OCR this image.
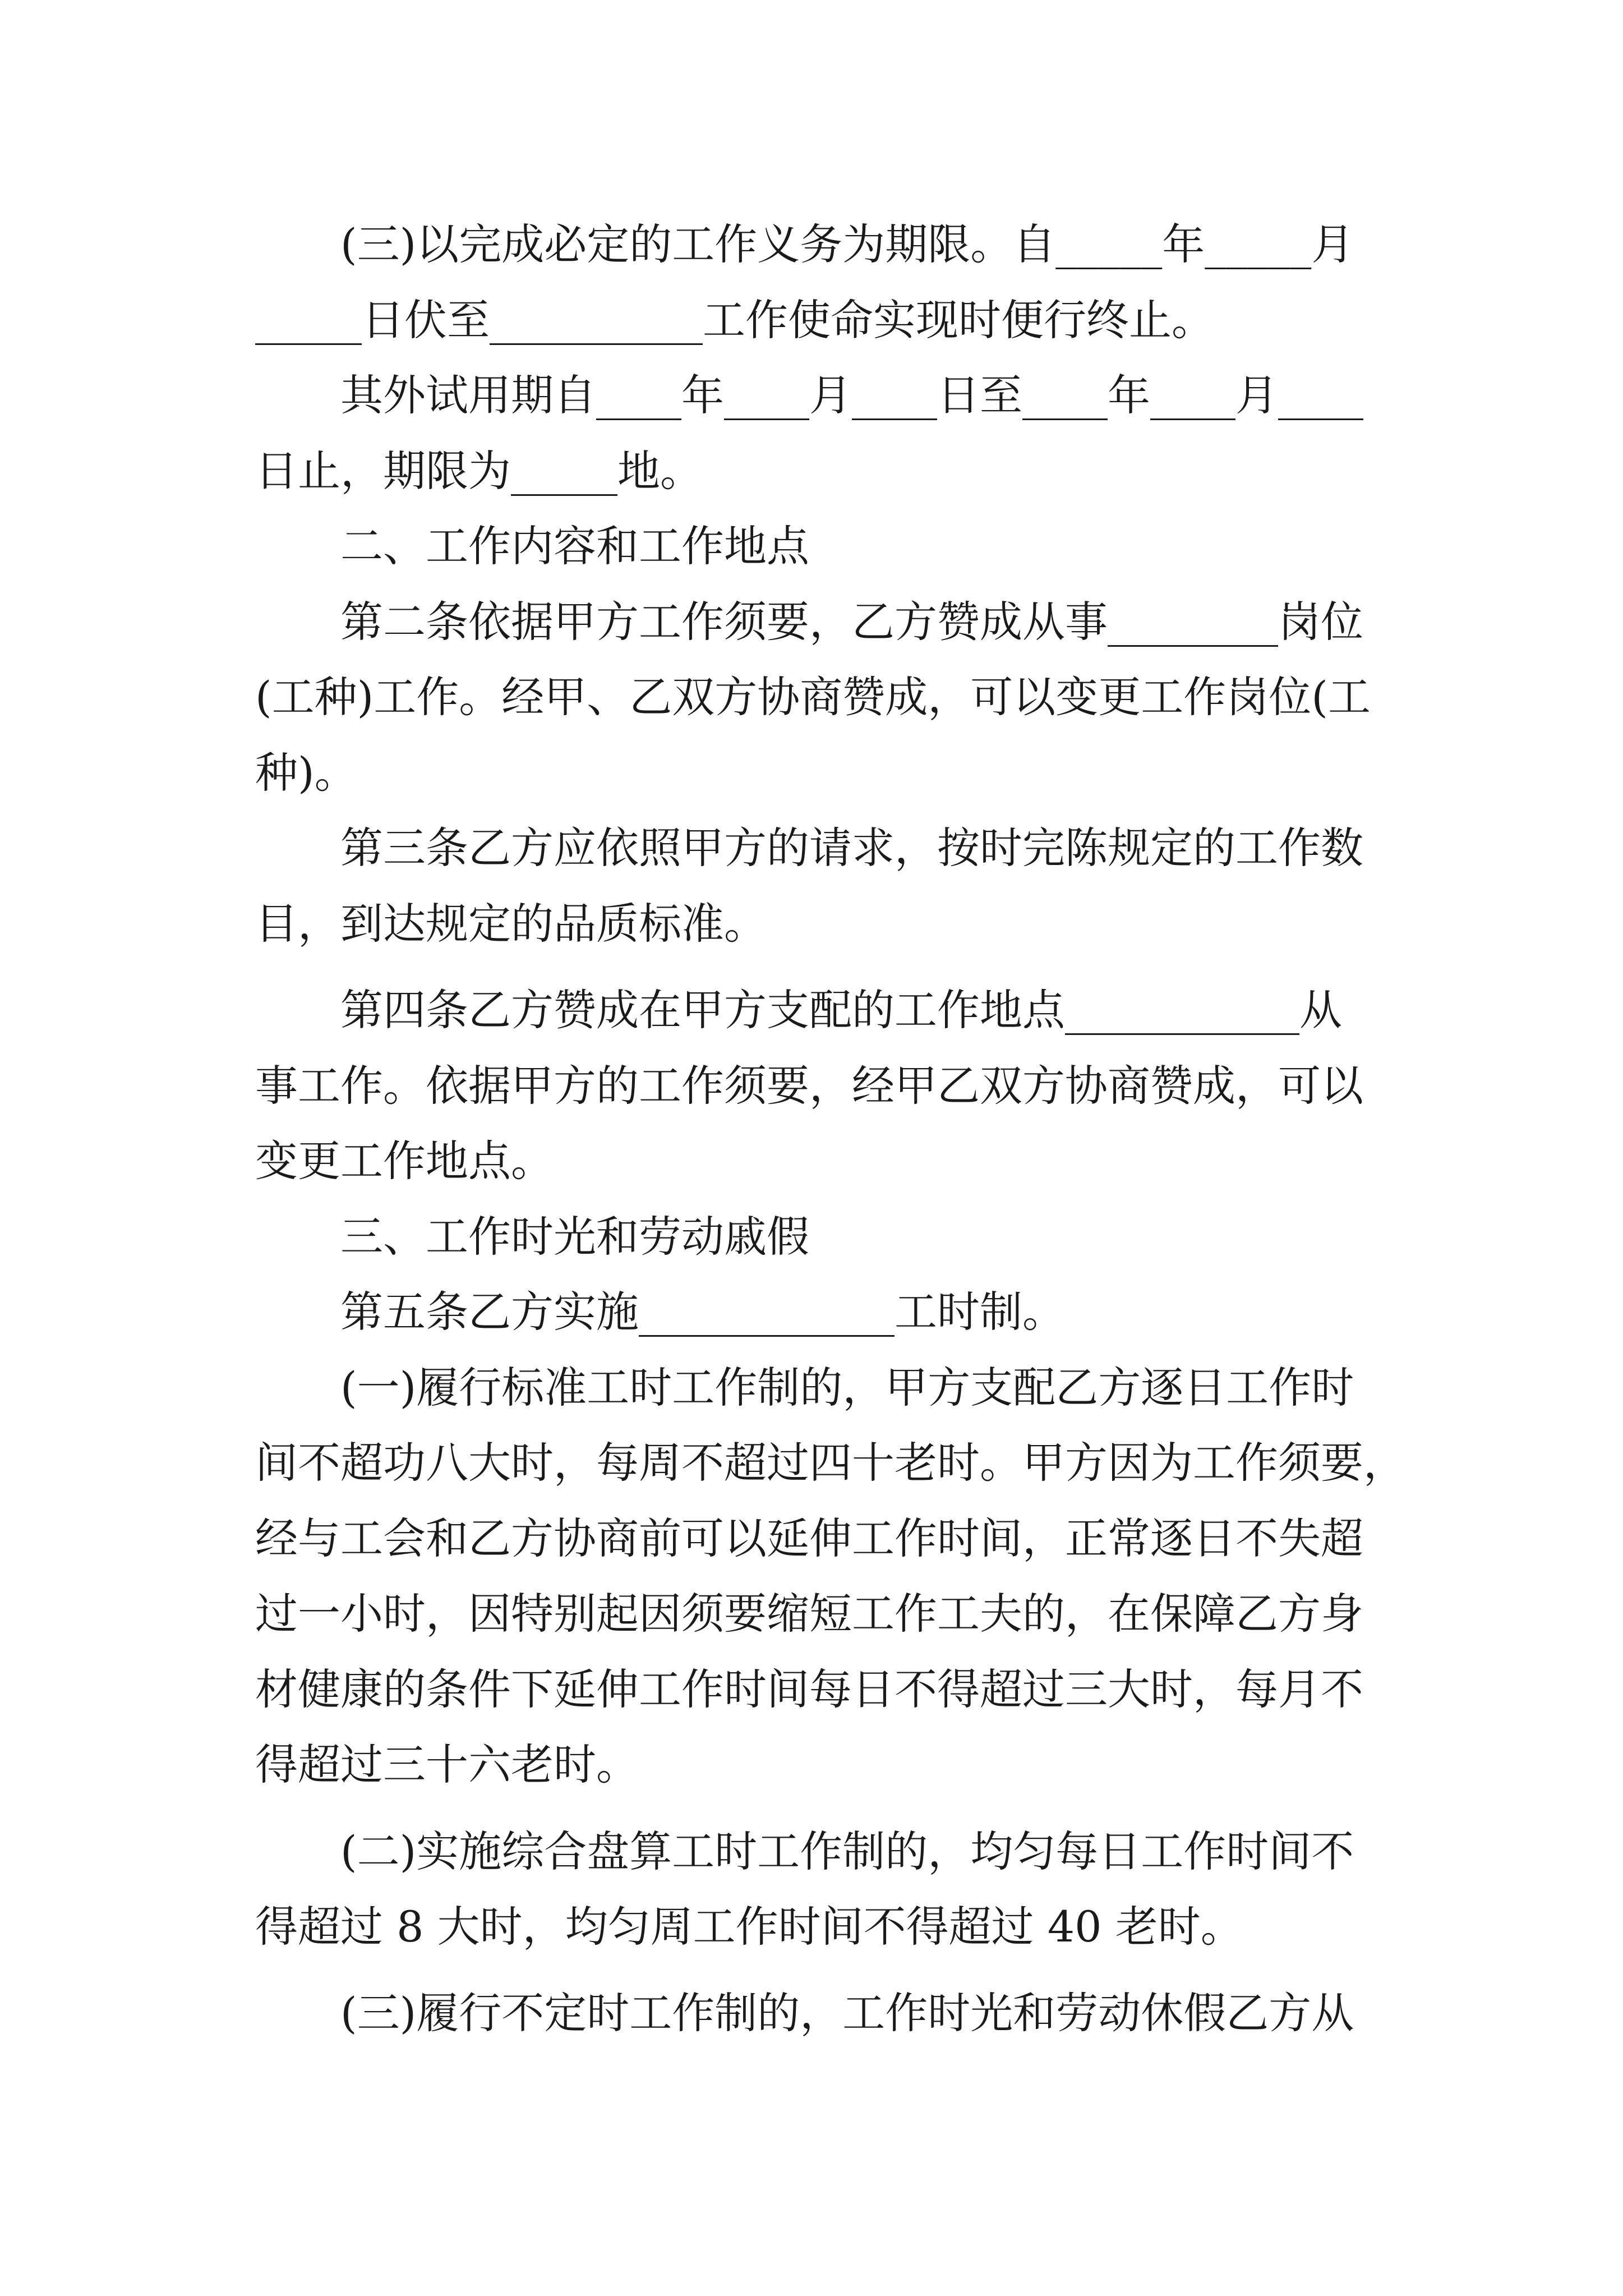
(三)以完成必定的工作义务为期限。自_____年_____月
_____日伏至__________工作使命实现时便行终止。
其外试用期自____年____月____日至____年____月____
日止，期限为_____地。
二、工作内容和工作地点
第二条依据甲方工作须要，乙方赞成从事________岗位
(工种)工作。经甲、乙双方协商赞成，可以变更工作岗位(工
种)。
第三条乙方应依照甲方的请求，按时完陈规定的工作数
目，到达规定的品质标准。
第四条乙方赞成在甲方支配的工作地点___________从
事工作。依据甲方的工作须要，经甲乙双方协商赞成，可以
变更工作地点。
三、工作时光和劳动戚假
第五条乙方实施____________工时制。
(一)履行标准工时工作制的，甲方支配乙方逐日工作时
间不超功八大时，每周不超过四十老时。甲方因为工作须要，
经与工会和乙方协商前可以延伸工作时间，正常逐日不失超
过一小时，因特别起因须要缩短工作工夫的，在保障乙方身
材健康的条件下延伸工作时间每日不得超过三大时，每月不
得超过三十六老时。
(二)实施综合盘算工时工作制的，均匀每日工作时间不
得超过 8 大时，均匀周工作时间不得超过 40 老时。
(三)履行不定时工作制的，工作时光和劳动休假乙方从
